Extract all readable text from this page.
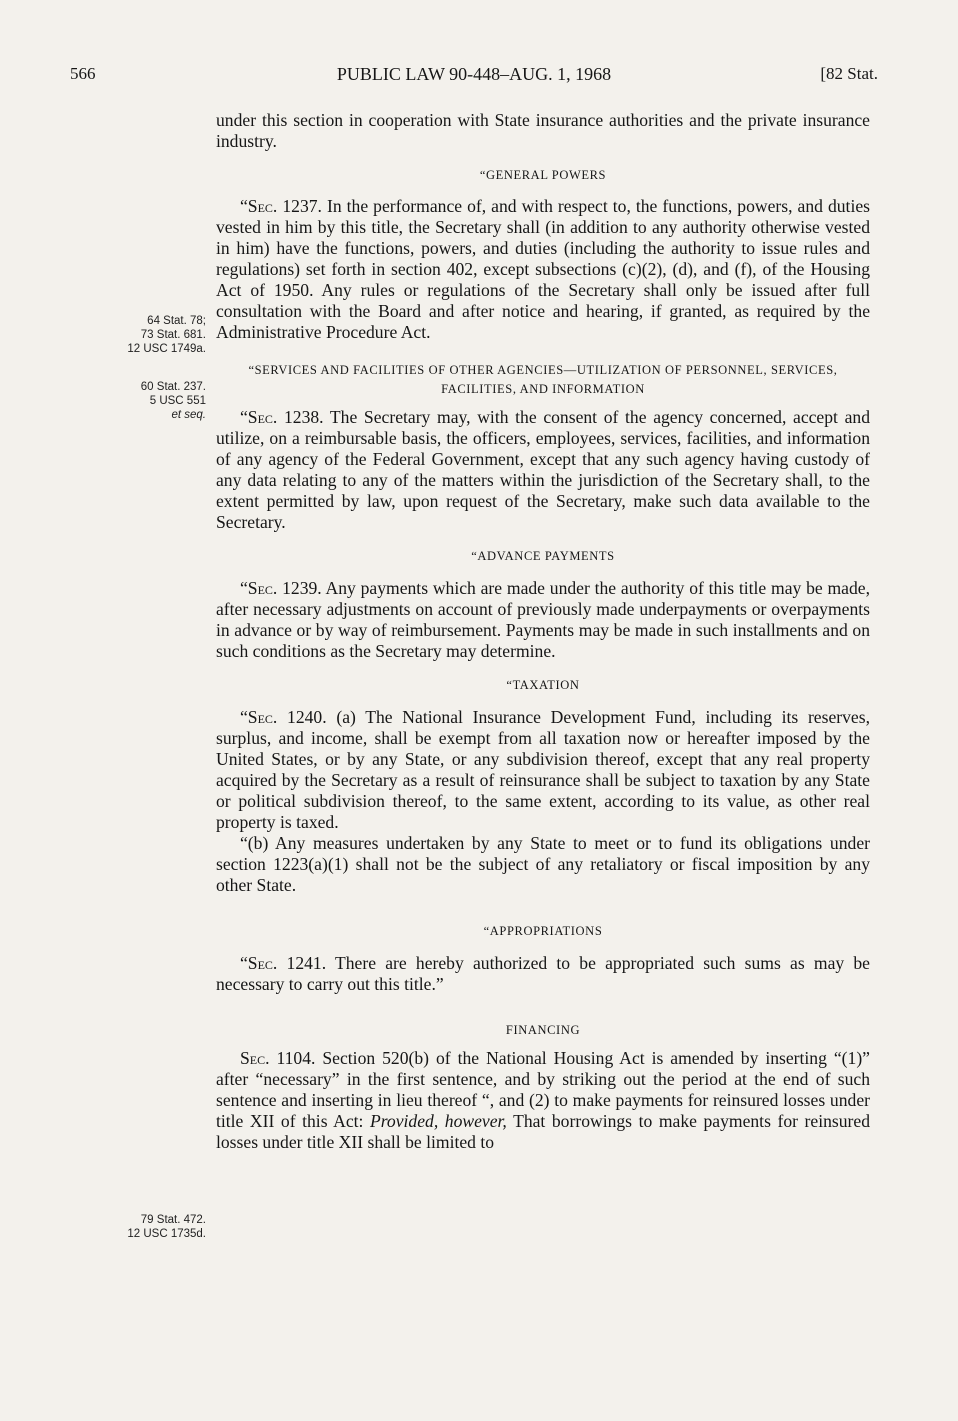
PUBLIC LAW 90-448–AUG. 1, 1968
566	[82 Stat.
64 Stat. 78;
73 Stat. 681.
12 USC 1749a.
60 Stat. 237.
5 USC 551
et seq.
79 Stat. 472.
12 USC 1735d.

under this section in cooperation with State insurance authorities and the private insurance industry.

“GENERAL POWERS

“Sec. 1237. In the performance of, and with respect to, the functions, powers, and duties vested in him by this title, the Secretary shall (in addition to any authority otherwise vested in him) have the functions, powers, and duties (including the authority to issue rules and regulations) set forth in section 402, except subsections (c)(2), (d), and (f), of the Housing Act of 1950. Any rules or regulations of the Secretary shall only be issued after full consultation with the Board and after notice and hearing, if granted, as required by the Administrative Procedure Act.

“SERVICES AND FACILITIES OF OTHER AGENCIES—UTILIZATION OF PERSONNEL, SERVICES, FACILITIES, AND INFORMATION

“Sec. 1238. The Secretary may, with the consent of the agency concerned, accept and utilize, on a reimbursable basis, the officers, employees, services, facilities, and information of any agency of the Federal Government, except that any such agency having custody of any data relating to any of the matters within the jurisdiction of the Secretary shall, to the extent permitted by law, upon request of the Secretary, make such data available to the Secretary.

“ADVANCE PAYMENTS

“Sec. 1239. Any payments which are made under the authority of this title may be made, after necessary adjustments on account of previously made underpayments or overpayments in advance or by way of reimbursement. Payments may be made in such installments and on such conditions as the Secretary may determine.

“TAXATION

“Sec. 1240. (a) The National Insurance Development Fund, including its reserves, surplus, and income, shall be exempt from all taxation now or hereafter imposed by the United States, or by any State, or any subdivision thereof, except that any real property acquired by the Secretary as a result of reinsurance shall be subject to taxation by any State or political subdivision thereof, to the same extent, according to its value, as other real property is taxed.

“(b) Any measures undertaken by any State to meet or to fund its obligations under section 1223(a)(1) shall not be the subject of any retaliatory or fiscal imposition by any other State.

“APPROPRIATIONS

“Sec. 1241. There are hereby authorized to be appropriated such sums as may be necessary to carry out this title.”

FINANCING

Sec. 1104. Section 520(b) of the National Housing Act is amended by inserting “(1)” after “necessary” in the first sentence, and by striking out the period at the end of such sentence and inserting in lieu thereof “, and (2) to make payments for reinsured losses under title XII of this Act: Provided, however, That borrowings to make payments for reinsured losses under title XII shall be limited to
